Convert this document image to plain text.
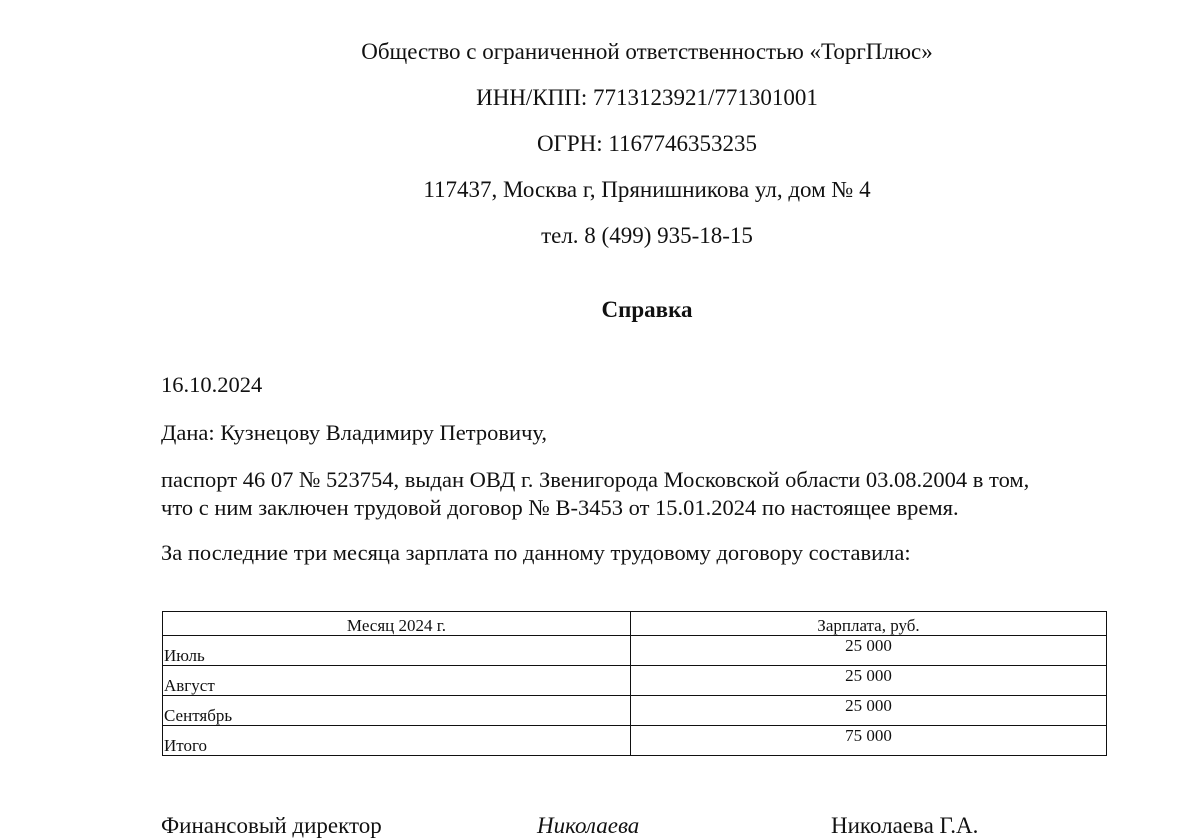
Общество с ограниченной ответственностью «ТоргПлюс»
ИНН/КПП: 7713123921/771301001
ОГРН: 1167746353235
117437, Москва г, Прянишникова ул, дом № 4
тел. 8 (499) 935-18-15
Справка
16.10.2024
Дана: Кузнецову Владимиру Петровичу,
паспорт 46 07 № 523754, выдан ОВД г. Звенигорода Московской области 03.08.2004 в том,
что с ним заключен трудовой договор № В-3453 от 15.01.2024 по настоящее время.
За последние три месяца зарплата по данному трудовому договору составила:
Месяц 2024 г.	Зарплата, руб.
Июль	25 000
Август	25 000
Сентябрь	25 000
Итого	75 000
Финансовый директор	Николаева	Николаева Г.А.
